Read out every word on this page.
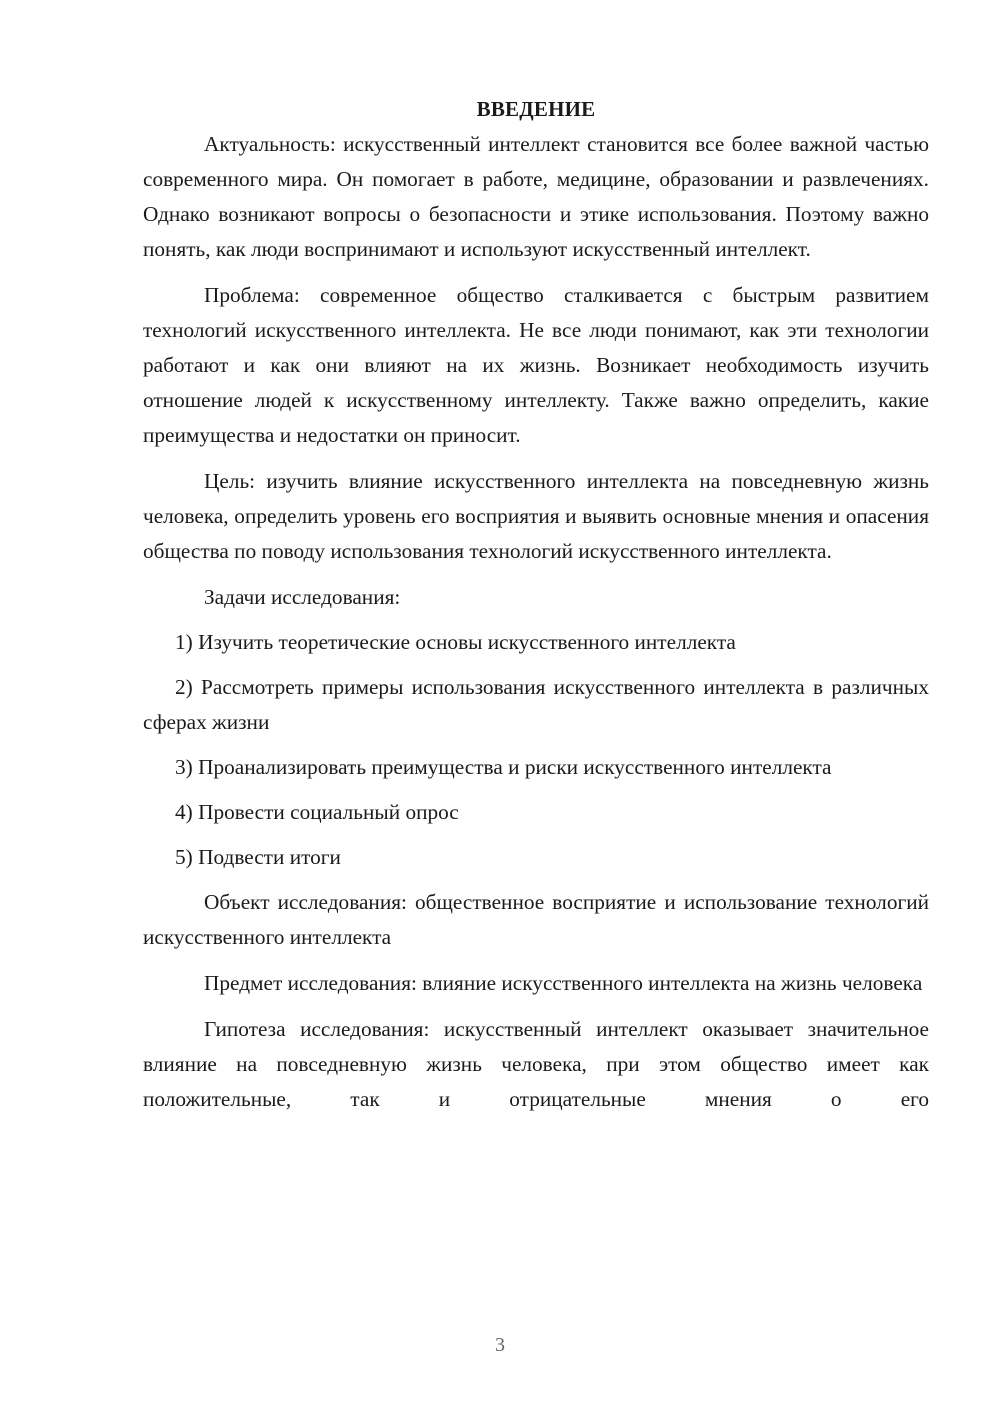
ВВЕДЕНИЕ

Актуальность: искусственный интеллект становится все более важной частью современного мира. Он помогает в работе, медицине, образовании и развлечениях. Однако возникают вопросы о безопасности и этике использования. Поэтому важно понять, как люди воспринимают и используют искусственный интеллект.

Проблема: современное общество сталкивается с быстрым развитием технологий искусственного интеллекта. Не все люди понимают, как эти технологии работают и как они влияют на их жизнь. Возникает необходимость изучить отношение людей к искусственному интеллекту. Также важно определить, какие преимущества и недостатки он приносит.

Цель: изучить влияние искусственного интеллекта на повседневную жизнь человека, определить уровень его восприятия и выявить основные мнения и опасения общества по поводу использования технологий искусственного интеллекта.

Задачи исследования:

1) Изучить теоретические основы искусственного интеллекта

2) Рассмотреть примеры использования искусственного интеллекта в различных сферах жизни

3) Проанализировать преимущества и риски искусственного интеллекта

4) Провести социальный опрос

5) Подвести итоги

Объект исследования: общественное восприятие и использование технологий искусственного интеллекта

Предмет исследования: влияние искусственного интеллекта на жизнь человека

Гипотеза исследования: искусственный интеллект оказывает значительное влияние на повседневную жизнь человека, при этом общество имеет как положительные, так и отрицательные мнения о его

3
